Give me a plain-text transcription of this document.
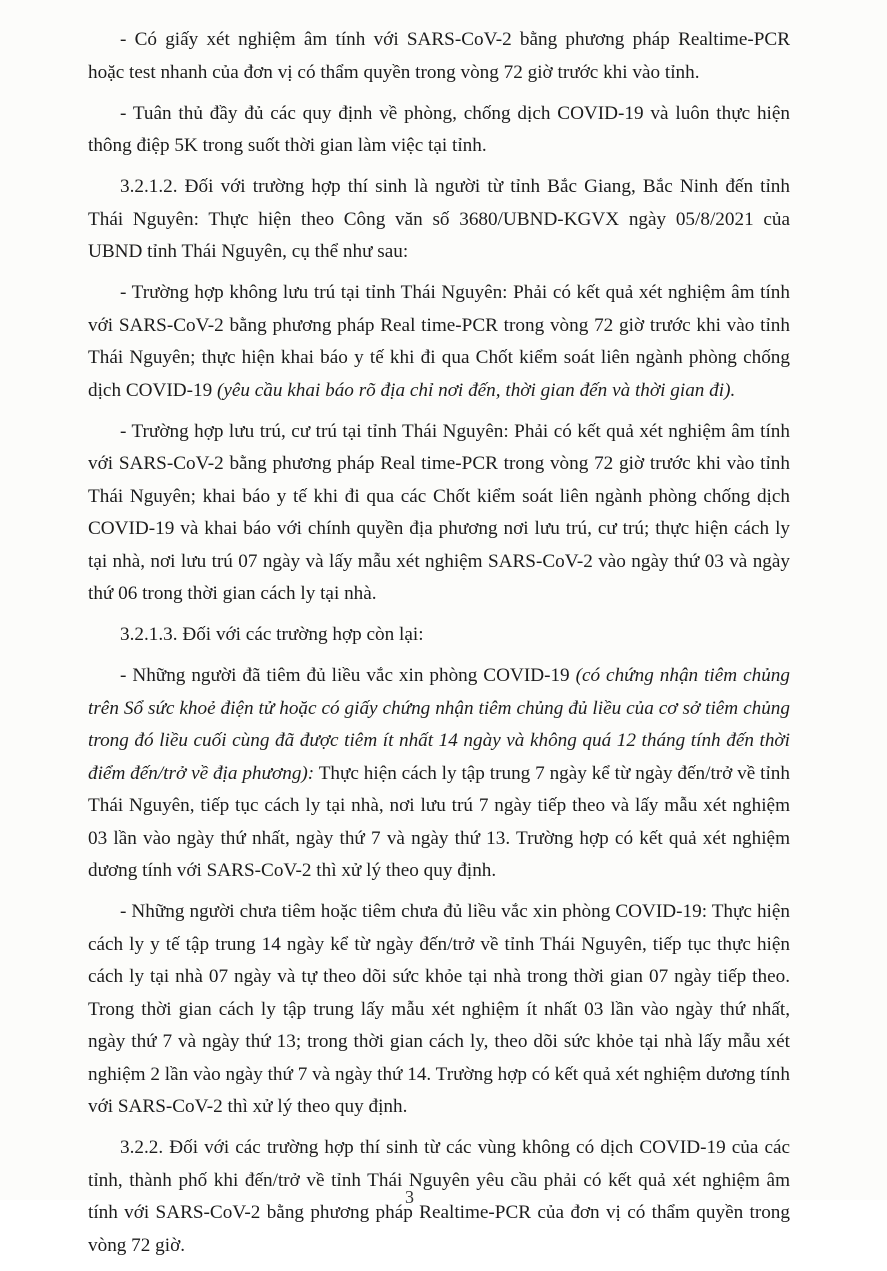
- Có giấy xét nghiệm âm tính với SARS-CoV-2 bằng phương pháp Realtime-PCR hoặc test nhanh của đơn vị có thẩm quyền trong vòng 72 giờ trước khi vào tỉnh.

- Tuân thủ đầy đủ các quy định về phòng, chống dịch COVID-19 và luôn thực hiện thông điệp 5K trong suốt thời gian làm việc tại tỉnh.

3.2.1.2. Đối với trường hợp thí sinh là người từ tỉnh Bắc Giang, Bắc Ninh đến tỉnh Thái Nguyên: Thực hiện theo Công văn số 3680/UBND-KGVX ngày 05/8/2021 của UBND tỉnh Thái Nguyên, cụ thể như sau:

- Trường hợp không lưu trú tại tỉnh Thái Nguyên: Phải có kết quả xét nghiệm âm tính với SARS-CoV-2 bằng phương pháp Real time-PCR trong vòng 72 giờ trước khi vào tỉnh Thái Nguyên; thực hiện khai báo y tế khi đi qua Chốt kiểm soát liên ngành phòng chống dịch COVID-19 (yêu cầu khai báo rõ địa chỉ nơi đến, thời gian đến và thời gian đi).

- Trường hợp lưu trú, cư trú tại tỉnh Thái Nguyên: Phải có kết quả xét nghiệm âm tính với SARS-CoV-2 bằng phương pháp Real time-PCR trong vòng 72 giờ trước khi vào tỉnh Thái Nguyên; khai báo y tế khi đi qua các Chốt kiểm soát liên ngành phòng chống dịch COVID-19 và khai báo với chính quyền địa phương nơi lưu trú, cư trú; thực hiện cách ly tại nhà, nơi lưu trú 07 ngày và lấy mẫu xét nghiệm SARS-CoV-2 vào ngày thứ 03 và ngày thứ 06 trong thời gian cách ly tại nhà.

3.2.1.3. Đối với các trường hợp còn lại:

- Những người đã tiêm đủ liều vắc xin phòng COVID-19 (có chứng nhận tiêm chủng trên Sổ sức khoẻ điện tử hoặc có giấy chứng nhận tiêm chủng đủ liều của cơ sở tiêm chủng trong đó liều cuối cùng đã được tiêm ít nhất 14 ngày và không quá 12 tháng tính đến thời điểm đến/trở về địa phương): Thực hiện cách ly tập trung 7 ngày kể từ ngày đến/trở về tỉnh Thái Nguyên, tiếp tục cách ly tại nhà, nơi lưu trú 7 ngày tiếp theo và lấy mẫu xét nghiệm 03 lần vào ngày thứ nhất, ngày thứ 7 và ngày thứ 13. Trường hợp có kết quả xét nghiệm dương tính với SARS-CoV-2 thì xử lý theo quy định.

- Những người chưa tiêm hoặc tiêm chưa đủ liều vắc xin phòng COVID-19: Thực hiện cách ly y tế tập trung 14 ngày kể từ ngày đến/trở về tỉnh Thái Nguyên, tiếp tục thực hiện cách ly tại nhà 07 ngày và tự theo dõi sức khỏe tại nhà trong thời gian 07 ngày tiếp theo. Trong thời gian cách ly tập trung lấy mẫu xét nghiệm ít nhất 03 lần vào ngày thứ nhất, ngày thứ 7 và ngày thứ 13; trong thời gian cách ly, theo dõi sức khỏe tại nhà lấy mẫu xét nghiệm 2 lần vào ngày thứ 7 và ngày thứ 14. Trường hợp có kết quả xét nghiệm dương tính với SARS-CoV-2 thì xử lý theo quy định.

3.2.2. Đối với các trường hợp thí sinh từ các vùng không có dịch COVID-19 của các tỉnh, thành phố khi đến/trở về tỉnh Thái Nguyên yêu cầu phải có kết quả xét nghiệm âm tính với SARS-CoV-2 bằng phương pháp Realtime-PCR của đơn vị có thẩm quyền trong vòng 72 giờ.

3
